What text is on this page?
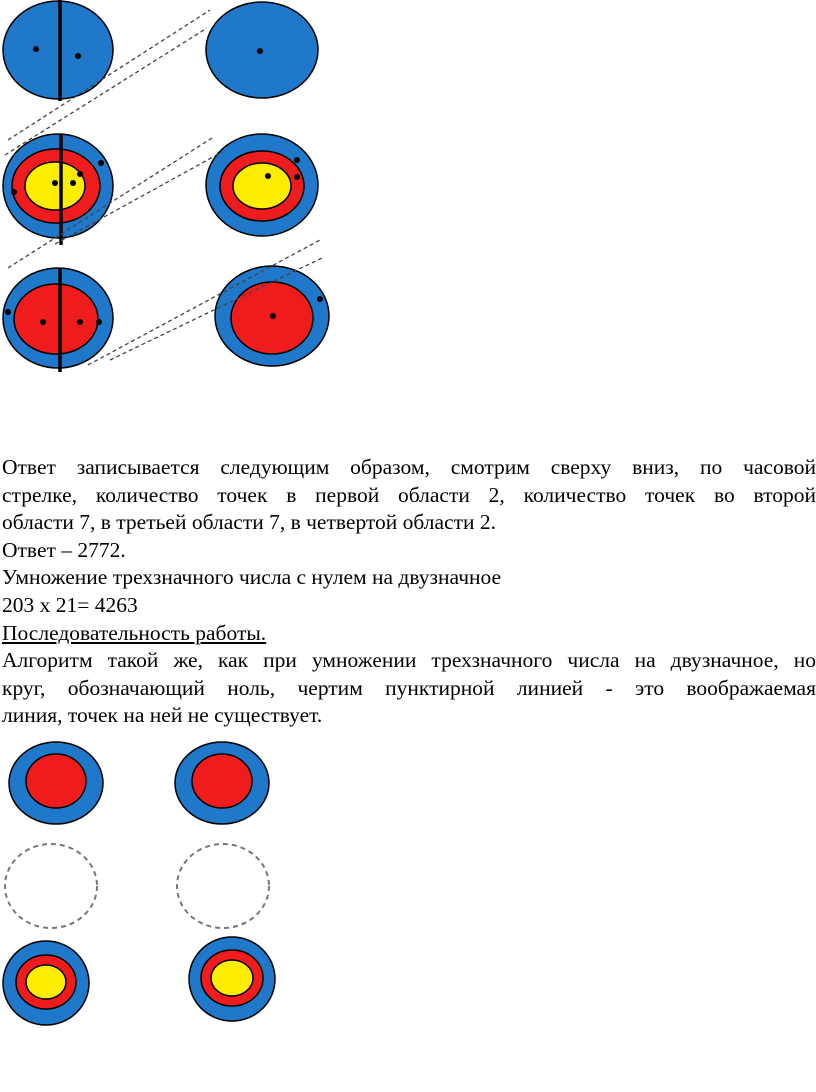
Ответ записывается следующим образом, смотрим сверху вниз, по часовой

стрелке, количество точек в первой области 2, количество точек во второй

области 7, в третьей области 7, в четвертой области 2.

Ответ – 2772.

Умножение трехзначного числа с нулем на двузначное

203 х 21= 4263

Последовательность работы.

Алгоритм такой же, как при умножении трехзначного числа на двузначное, но

круг, обозначающий ноль, чертим пунктирной линией - это воображаемая

линия, точек на ней не существует.
